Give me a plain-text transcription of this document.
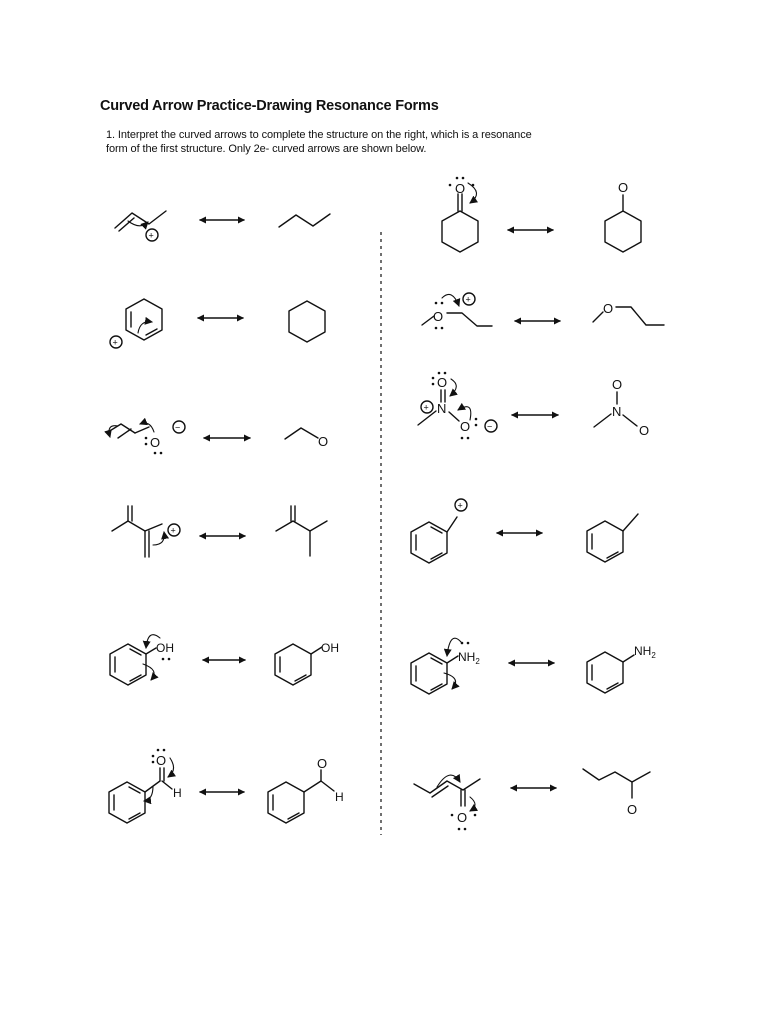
Curved Arrow Practice-Drawing Resonance Forms
1. Interpret the curved arrows to complete the structure on the right, which is a resonance
form of the first structure. Only 2e- curved arrows are shown below.
+
+
O
−
O
+
OH	OH
O
H
O
H
O	O
O
+
O
O
N
+
O −
O
N
O
+
$NH_2$
$NH_2$
O
O
